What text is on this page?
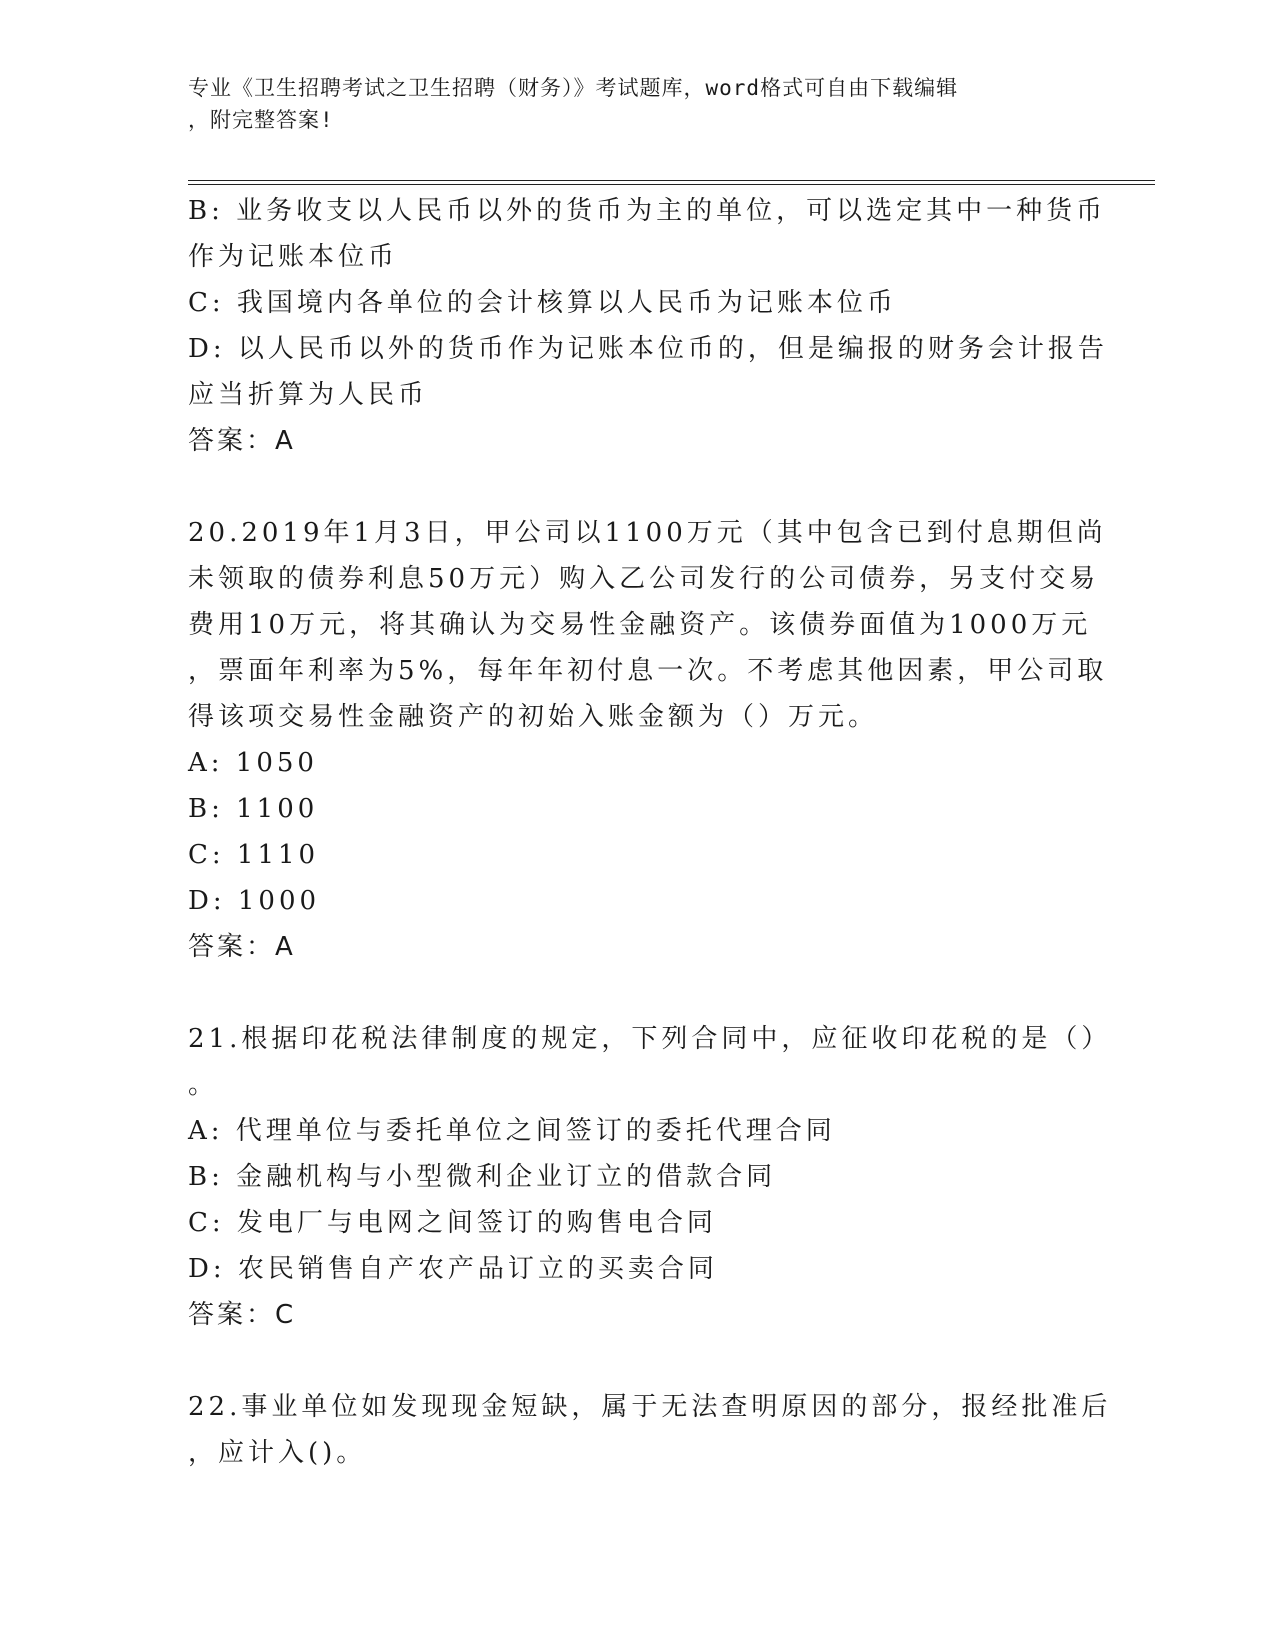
专业《卫生招聘考试之卫生招聘（财务）》考试题库，word格式可自由下载编辑
，附完整答案!
B: 业务收支以人民币以外的货币为主的单位，可以选定其中一种货币
作为记账本位币
C: 我国境内各单位的会计核算以人民币为记账本位币
D: 以人民币以外的货币作为记账本位币的，但是编报的财务会计报告
应当折算为人民币
答案：A
20.2019年1月3日，甲公司以1100万元（其中包含已到付息期但尚
未领取的债券利息50万元）购入乙公司发行的公司债券，另支付交易
费用10万元，将其确认为交易性金融资产。该债券面值为1000万元
，票面年利率为5%，每年年初付息一次。不考虑其他因素，甲公司取
得该项交易性金融资产的初始入账金额为（）万元。
A: 1050
B: 1100
C: 1110
D: 1000
答案：A
21.根据印花税法律制度的规定，下列合同中，应征收印花税的是（）
。
A: 代理单位与委托单位之间签订的委托代理合同
B: 金融机构与小型微利企业订立的借款合同
C: 发电厂与电网之间签订的购售电合同
D: 农民销售自产农产品订立的买卖合同
答案：C
22.事业单位如发现现金短缺，属于无法查明原因的部分，报经批准后
，应计入()。
